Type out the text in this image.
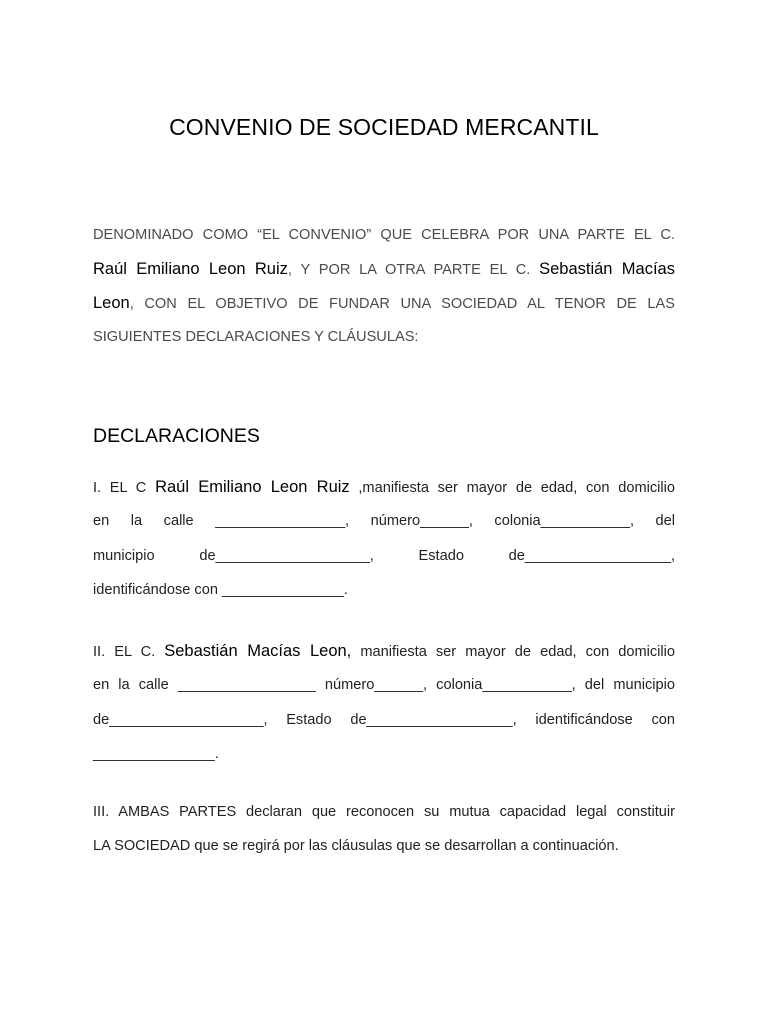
CONVENIO DE SOCIEDAD MERCANTIL
DENOMINADO COMO “EL CONVENIO” QUE CELEBRA POR UNA PARTE EL C.
Raúl Emiliano Leon Ruiz, Y POR LA OTRA PARTE EL C. Sebastián Macías
Leon, CON EL OBJETIVO DE FUNDAR UNA SOCIEDAD AL TENOR DE LAS
SIGUIENTES DECLARACIONES Y CLÁUSULAS:
DECLARACIONES
I. EL C Raúl Emiliano Leon Ruiz ,manifiesta ser mayor de edad, con domicilio
en la calle ________________, número______, colonia___________, del
municipio de___________________, Estado de__________________,
identificándose con _______________.
II. EL C. Sebastián Macías Leon, manifiesta ser mayor de edad, con domicilio
en la calle _________________ número______, colonia___________, del municipio
de___________________, Estado de__________________, identificándose con
_______________.
III. AMBAS PARTES declaran que reconocen su mutua capacidad legal constituir
LA SOCIEDAD que se regirá por las cláusulas que se desarrollan a continuación.
